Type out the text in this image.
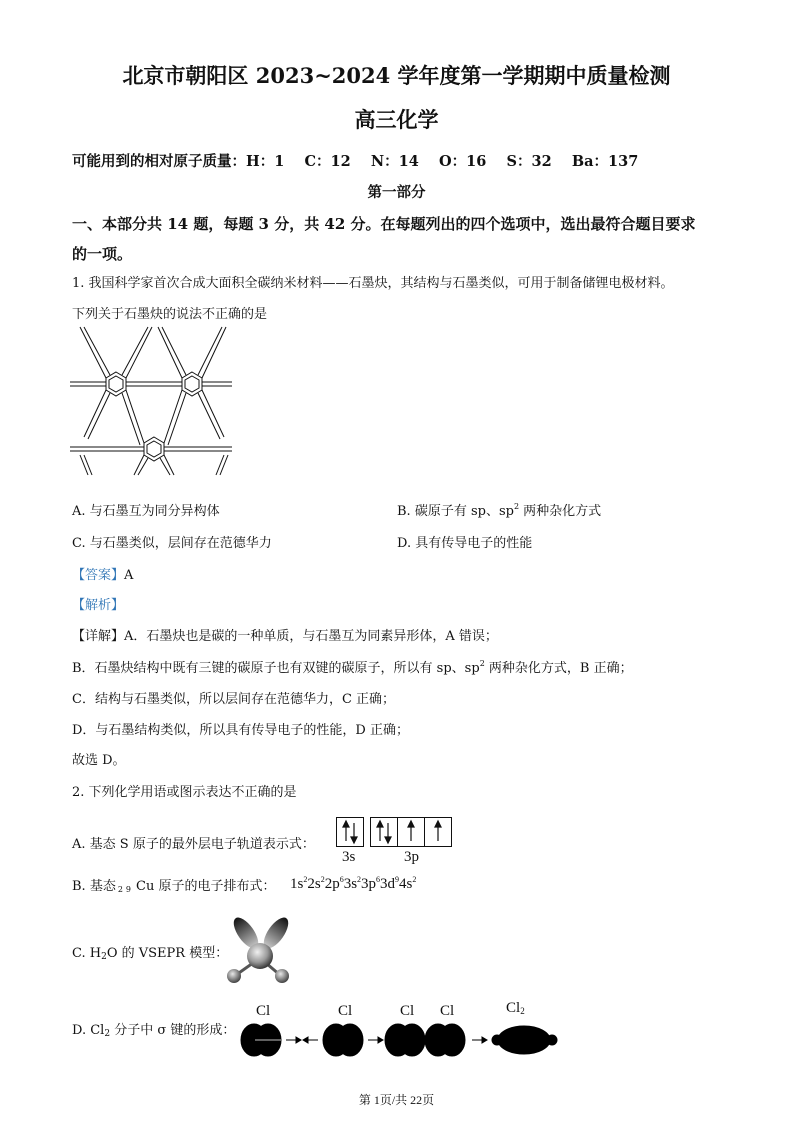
北京市朝阳区 2023~2024 学年度第一学期期中质量检测
高三化学
可能用到的相对原子质量：H：1    C：12    N：14    O：16    S：32    Ba：137
第一部分
一、本部分共 14 题，每题 3 分，共 42 分。在每题列出的四个选项中，选出最符合题目要求
的一项。
1. 我国科学家首次合成大面积全碳纳米材料——石墨炔，其结构与石墨类似，可用于制备储锂电极材料。
下列关于石墨炔的说法不正确的是
A. 与石墨互为同分异构体	B. 碳原子有 sp、$sp^2$ 两种杂化方式
C. 与石墨类似，层间存在范德华力	D. 具有传导电子的性能
【答案】A
【解析】
【详解】A．石墨炔也是碳的一种单质，与石墨互为同素异形体，A 错误；
B．石墨炔结构中既有三键的碳原子也有双键的碳原子，所以有 sp、$sp^2$ 两种杂化方式，B 正确；
C．结构与石墨类似，所以层间存在范德华力，C 正确；
D．与石墨结构类似，所以具有传导电子的性能，D 正确；
故选 D。
2. 下列化学用语或图示表达不正确的是
A. 基态 S 原子的最外层电子轨道表示式：
3s	3p
B. 基态 $_{29}$ Cu 原子的电子排布式： $1s^22s^22p^63s^23p^63d^94s^2$
C. $H_2O$ 的 VSEPR 模型：
D. $Cl_2$ 分子中 σ 键的形成：
Cl	Cl	Cl Cl	$Cl_2$
第 1页/共 22页
